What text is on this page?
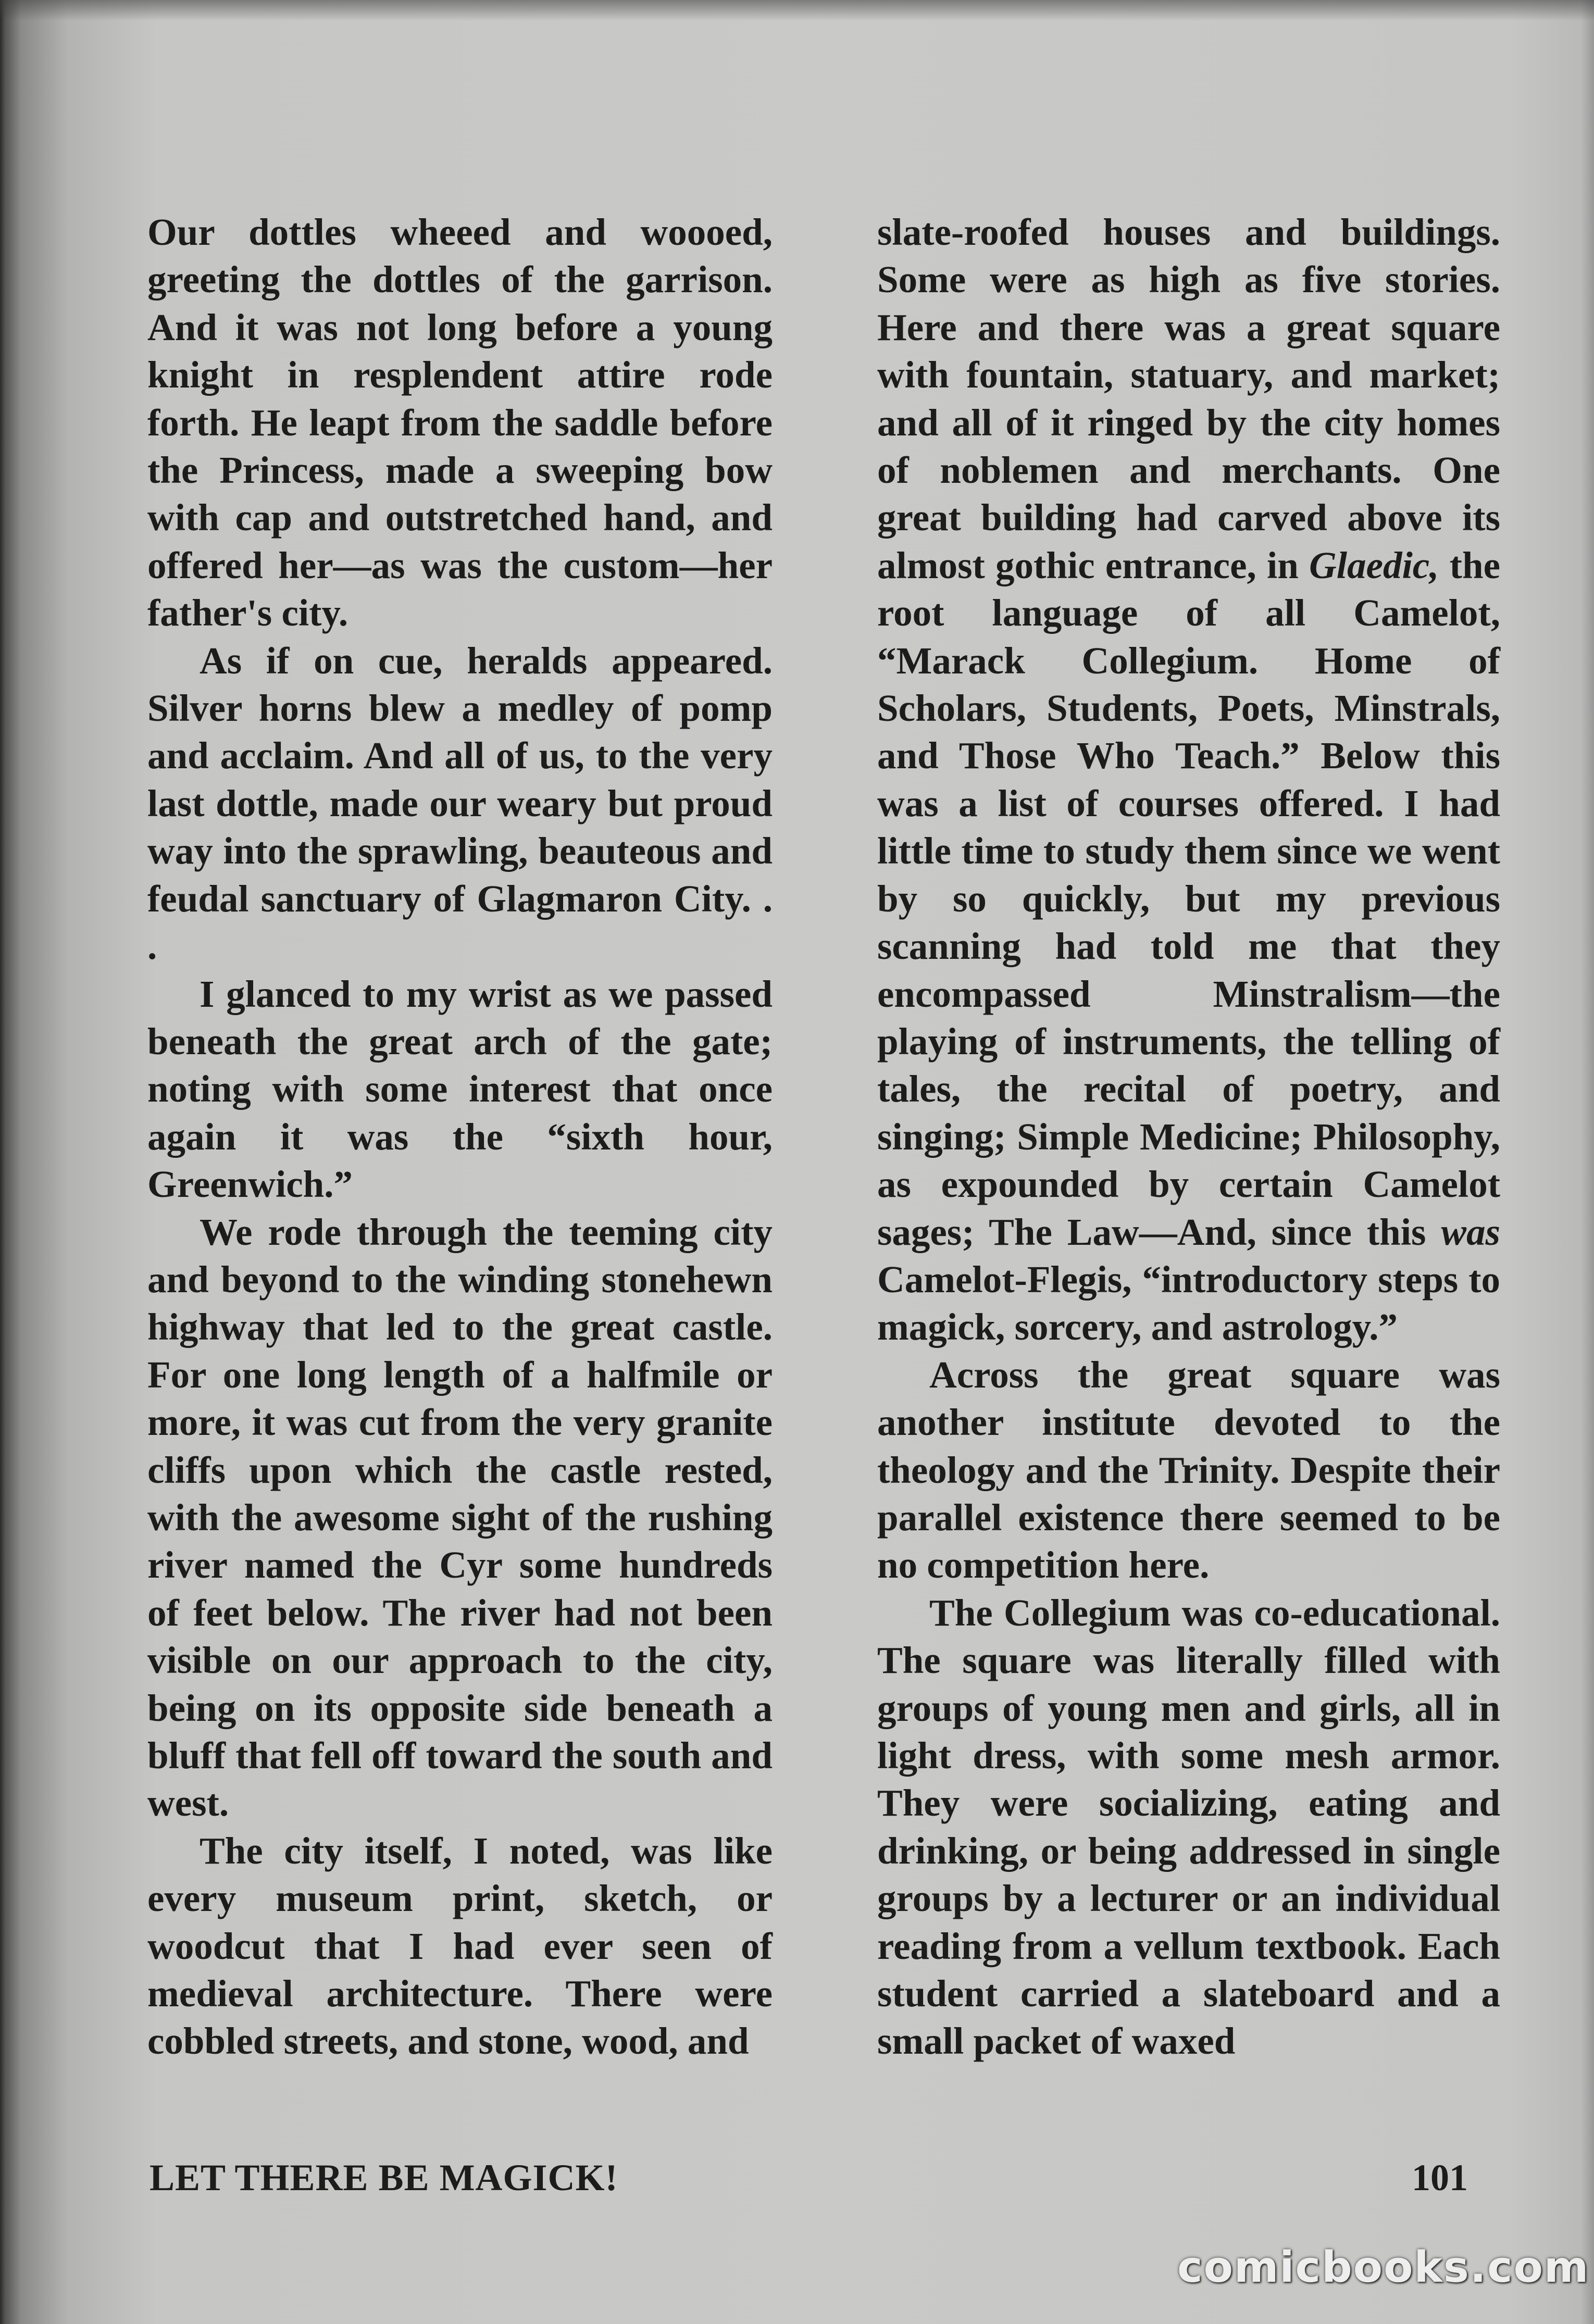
Our dottles wheeed and woooed, greeting the dottles of the garrison. And it was not long before a young knight in resplendent attire rode forth. He leapt from the saddle before the Princess, made a sweeping bow with cap and outstretched hand, and offered her—as was the custom—her father's city.

As if on cue, heralds appeared. Silver horns blew a medley of pomp and acclaim. And all of us, to the very last dottle, made our weary but proud way into the sprawling, beauteous and feudal sanctuary of Glagmaron City. . .

I glanced to my wrist as we passed beneath the great arch of the gate; noting with some interest that once again it was the “sixth hour, Greenwich.”

We rode through the teeming city and beyond to the winding stonehewn highway that led to the great castle. For one long length of a halfmile or more, it was cut from the very granite cliffs upon which the castle rested, with the awesome sight of the rushing river named the Cyr some hundreds of feet below. The river had not been visible on our approach to the city, being on its opposite side beneath a bluff that fell off toward the south and west.

The city itself, I noted, was like every museum print, sketch, or woodcut that I had ever seen of medieval architecture. There were cobbled streets, and stone, wood, and

slate-roofed houses and buildings. Some were as high as five stories. Here and there was a great square with fountain, statuary, and market; and all of it ringed by the city homes of noblemen and merchants. One great building had carved above its almost gothic entrance, in Glaedic, the root language of all Camelot, “Marack Collegium. Home of Scholars, Students, Poets, Minstrals, and Those Who Teach.” Below this was a list of courses offered. I had little time to study them since we went by so quickly, but my previous scanning had told me that they encompassed Minstralism—the playing of instruments, the telling of tales, the recital of poetry, and singing; Simple Medicine; Philosophy, as expounded by certain Camelot sages; The Law—And, since this was Camelot-Flegis, “introductory steps to magick, sorcery, and astrology.”

Across the great square was another institute devoted to the theology and the Trinity. Despite their parallel existence there seemed to be no competition here.

The Collegium was co-educational. The square was literally filled with groups of young men and girls, all in light dress, with some mesh armor. They were socializing, eating and drinking, or being addressed in single groups by a lecturer or an individual reading from a vellum textbook. Each student carried a slateboard and a small packet of waxed

LET THERE BE MAGICK!	101
comicbooks.com
